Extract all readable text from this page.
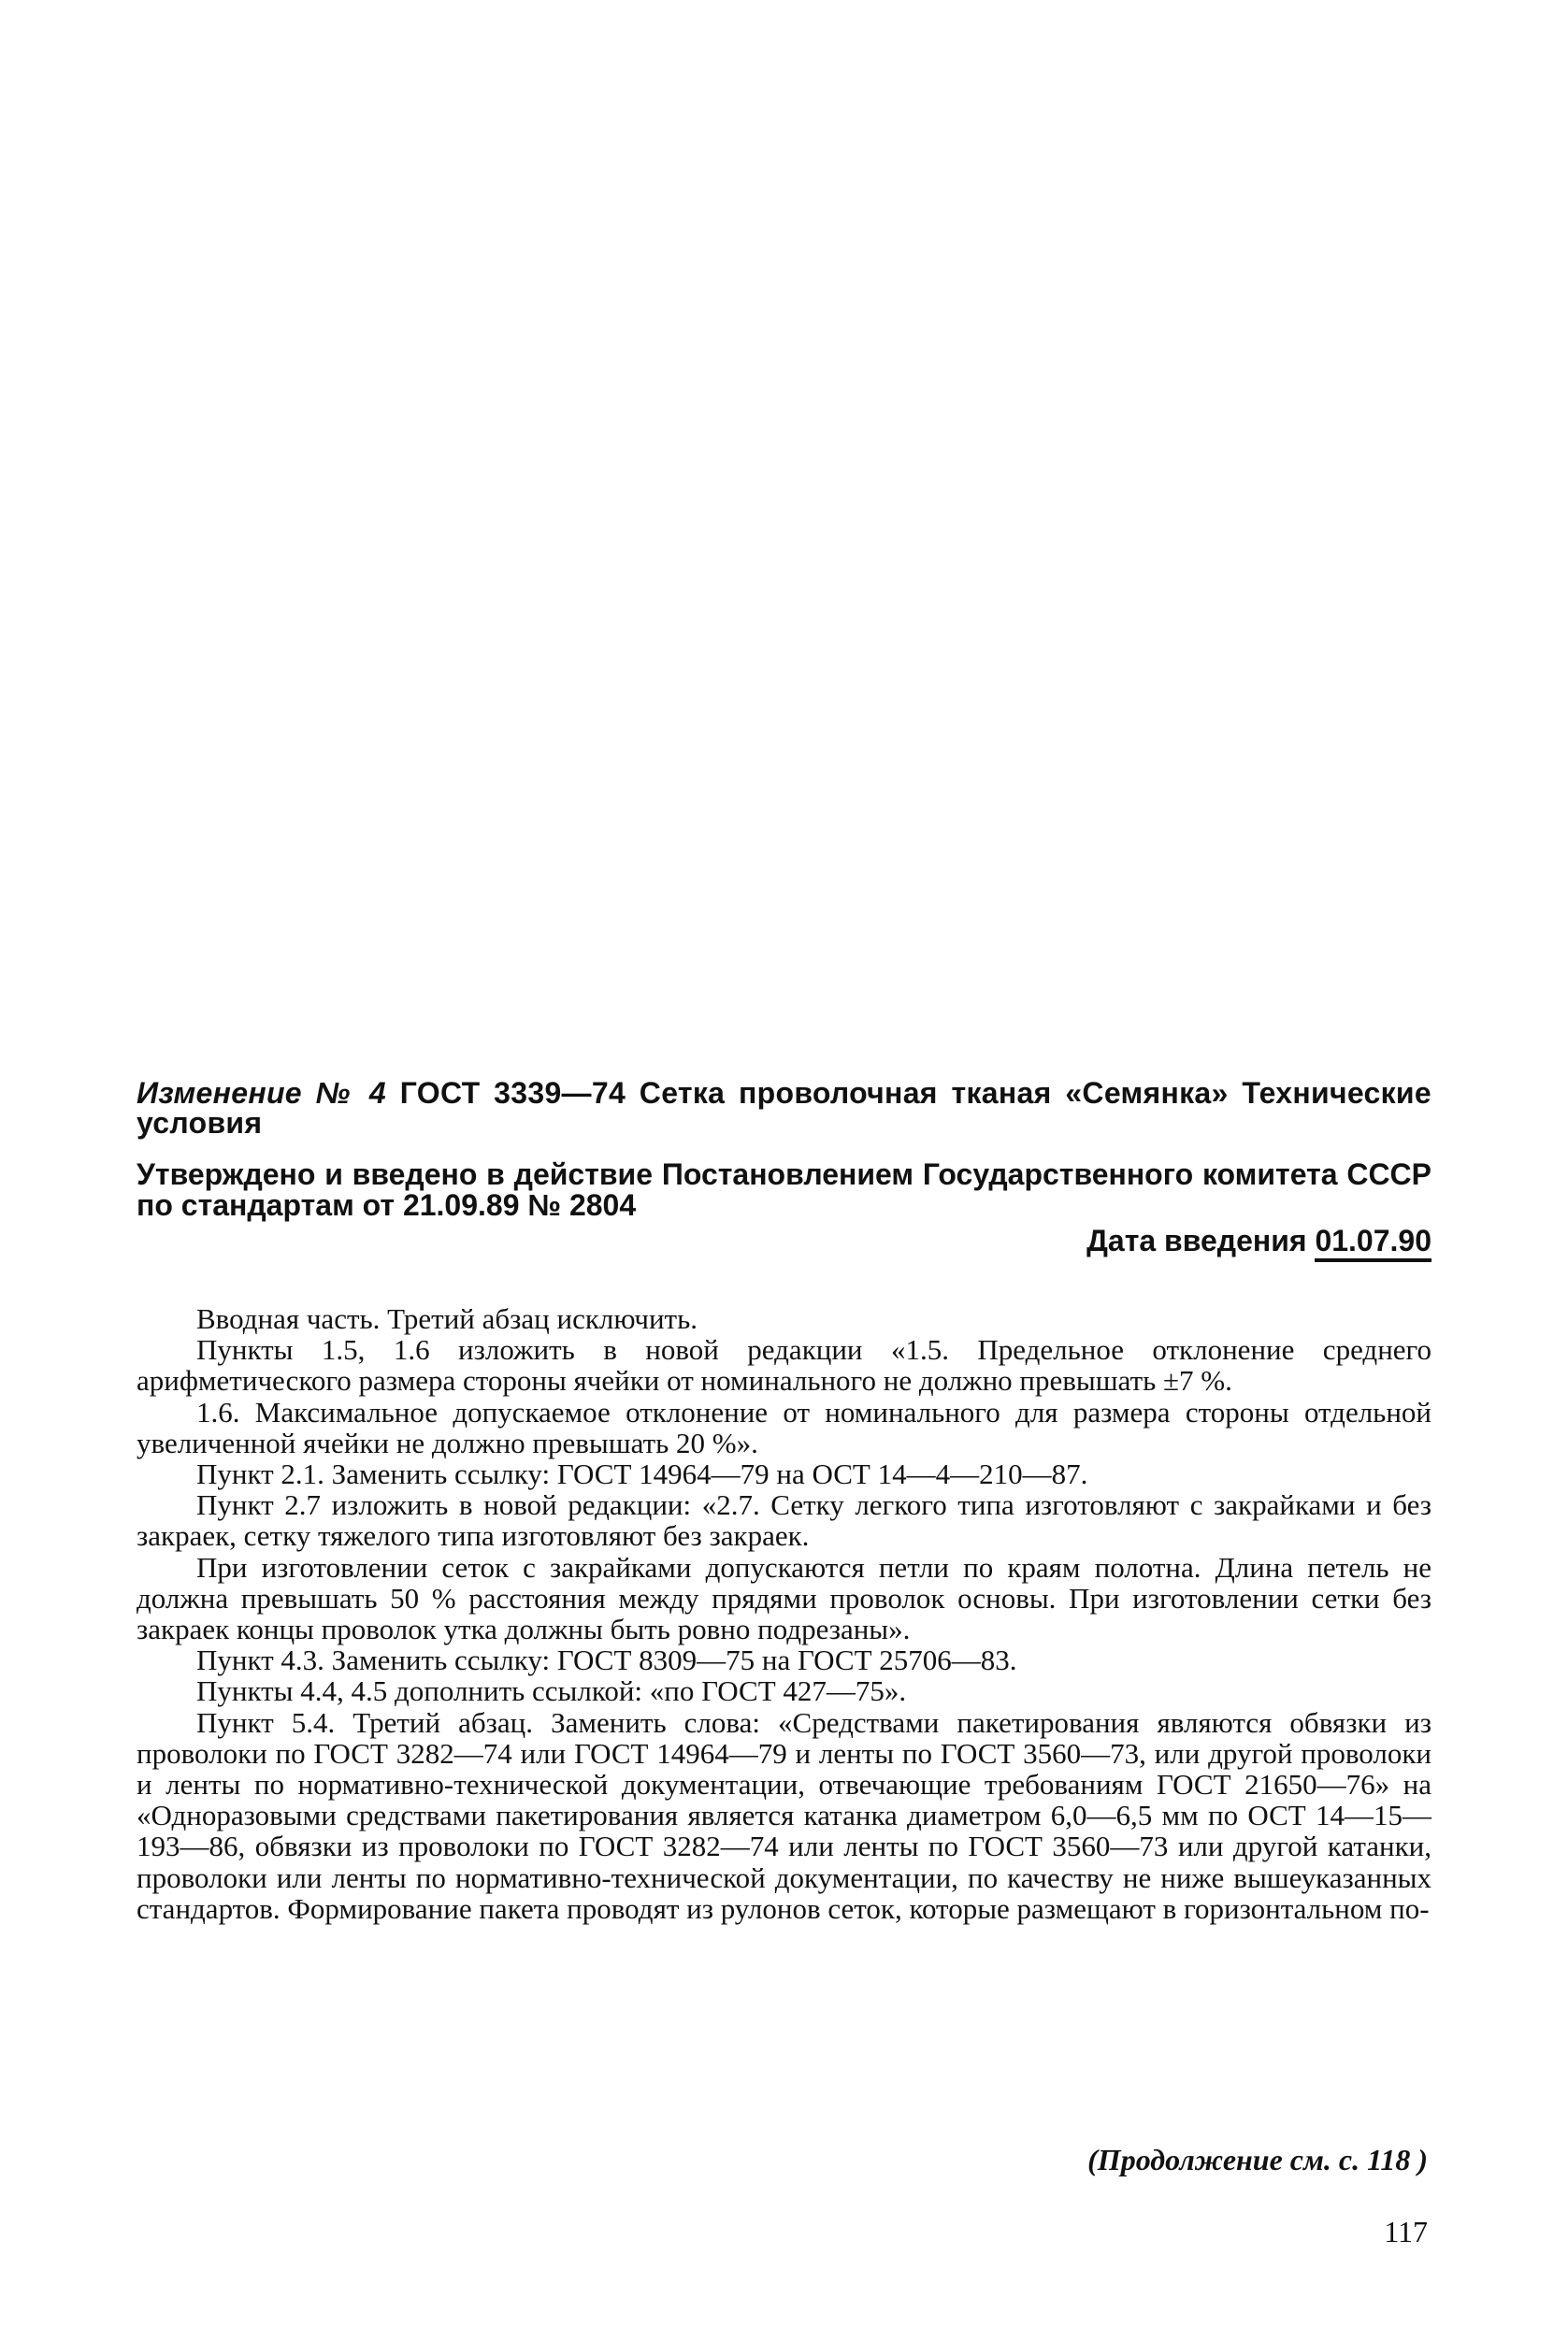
Изменение № 4 ГОСТ 3339—74 Сетка проволочная тканая «Семянка» Технические условия
Утверждено и введено в действие Постановлением Государственного комитета СССР по стандартам от 21.09.89 № 2804
Дата введения 01.07.90

Вводная часть. Третий абзац исключить.

Пункты 1.5, 1.6 изложить в новой редакции «1.5. Предельное отклонение среднего арифметического размера стороны ячейки от номинального не должно превышать ±7 %.

1.6. Максимальное допускаемое отклонение от номинального для размера стороны отдельной увеличенной ячейки не должно превышать 20 %».

Пункт 2.1. Заменить ссылку: ГОСТ 14964—79 на ОСТ 14—4—210—87.

Пункт 2.7 изложить в новой редакции: «2.7. Сетку легкого типа изготовляют с закрайками и без закраек, сетку тяжелого типа изготовляют без закраек.

При изготовлении сеток с закрайками допускаются петли по краям полотна. Длина петель не должна превышать 50 % расстояния между прядями проволок основы. При изготовлении сетки без закраек концы проволок утка должны быть ровно подрезаны».

Пункт 4.3. Заменить ссылку: ГОСТ 8309—75 на ГОСТ 25706—83.

Пункты 4.4, 4.5 дополнить ссылкой: «по ГОСТ 427—75».

Пункт 5.4. Третий абзац. Заменить слова: «Средствами пакетирования являются обвязки из проволоки по ГОСТ 3282—74 или ГОСТ 14964—79 и ленты по ГОСТ 3560—73, или другой проволоки и ленты по нормативно-технической документации, отвечающие требованиям ГОСТ 21650—76» на «Одноразовыми средствами пакетирования является катанка диаметром 6,0—6,5 мм по ОСТ 14—15—193—86, обвязки из проволоки по ГОСТ 3282—74 или ленты по ГОСТ 3560—73 или другой катанки, проволоки или ленты по нормативно-технической документации, по качеству не ниже вышеуказанных стандартов. Формирование пакета проводят из рулонов сеток, которые размещают в горизонтальном по-

(Продолжение см. с. 118 )
117
